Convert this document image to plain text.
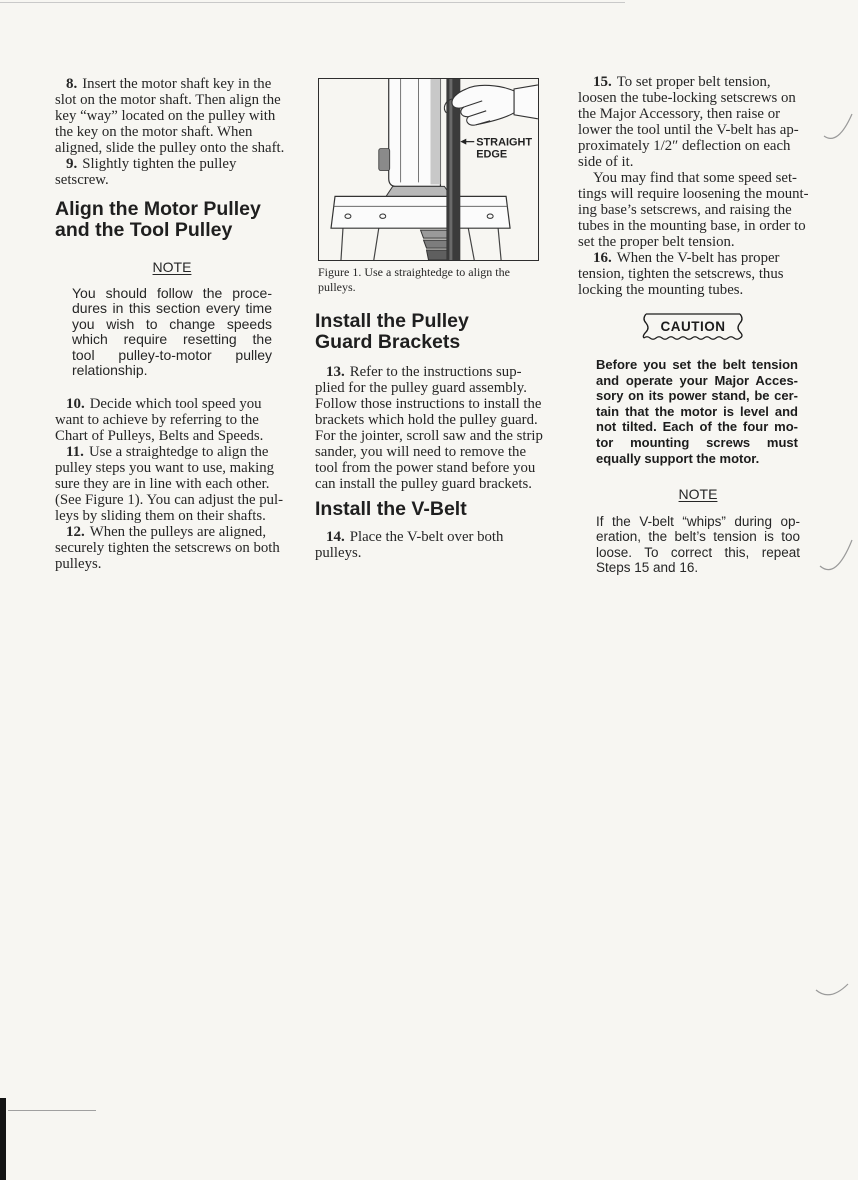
8. Insert the motor shaft key in the
slot on the motor shaft. Then align the
key “way” located on the pulley with
the key on the motor shaft. When
aligned, slide the pulley onto the shaft.
9. Slightly tighten the pulley
setscrew.
Align the Motor Pulley
and the Tool Pulley
NOTE
You should follow the proce-
dures in this section every time
you wish to change speeds
which require resetting the
tool pulley-to-motor pulley
relationship.
10. Decide which tool speed you
want to achieve by referring to the
Chart of Pulleys, Belts and Speeds.
11. Use a straightedge to align the
pulley steps you want to use, making
sure they are in line with each other.
(See Figure 1). You can adjust the pul-
leys by sliding them on their shafts.
12. When the pulleys are aligned,
securely tighten the setscrews on both
pulleys.
STRAIGHT
EDGE
Figure 1. Use a straightedge to align the
pulleys.
Install the Pulley
Guard Brackets
13. Refer to the instructions sup-
plied for the pulley guard assembly.
Follow those instructions to install the
brackets which hold the pulley guard.
For the jointer, scroll saw and the strip
sander, you will need to remove the
tool from the power stand before you
can install the pulley guard brackets.
Install the V-Belt
14. Place the V-belt over both
pulleys.
15. To set proper belt tension,
loosen the tube-locking setscrews on
the Major Accessory, then raise or
lower the tool until the V-belt has ap-
proximately 1/2″ deflection on each
side of it.
You may find that some speed set-
tings will require loosening the mount-
ing base’s setscrews, and raising the
tubes in the mounting base, in order to
set the proper belt tension.
16. When the V-belt has proper
tension, tighten the setscrews, thus
locking the mounting tubes.
CAUTION
Before you set the belt tension
and operate your Major Acces-
sory on its power stand, be cer-
tain that the motor is level and
not tilted. Each of the four mo-
tor mounting screws must
equally support the motor.
NOTE
If the V-belt “whips” during op-
eration, the belt’s tension is too
loose. To correct this, repeat
Steps 15 and 16.
